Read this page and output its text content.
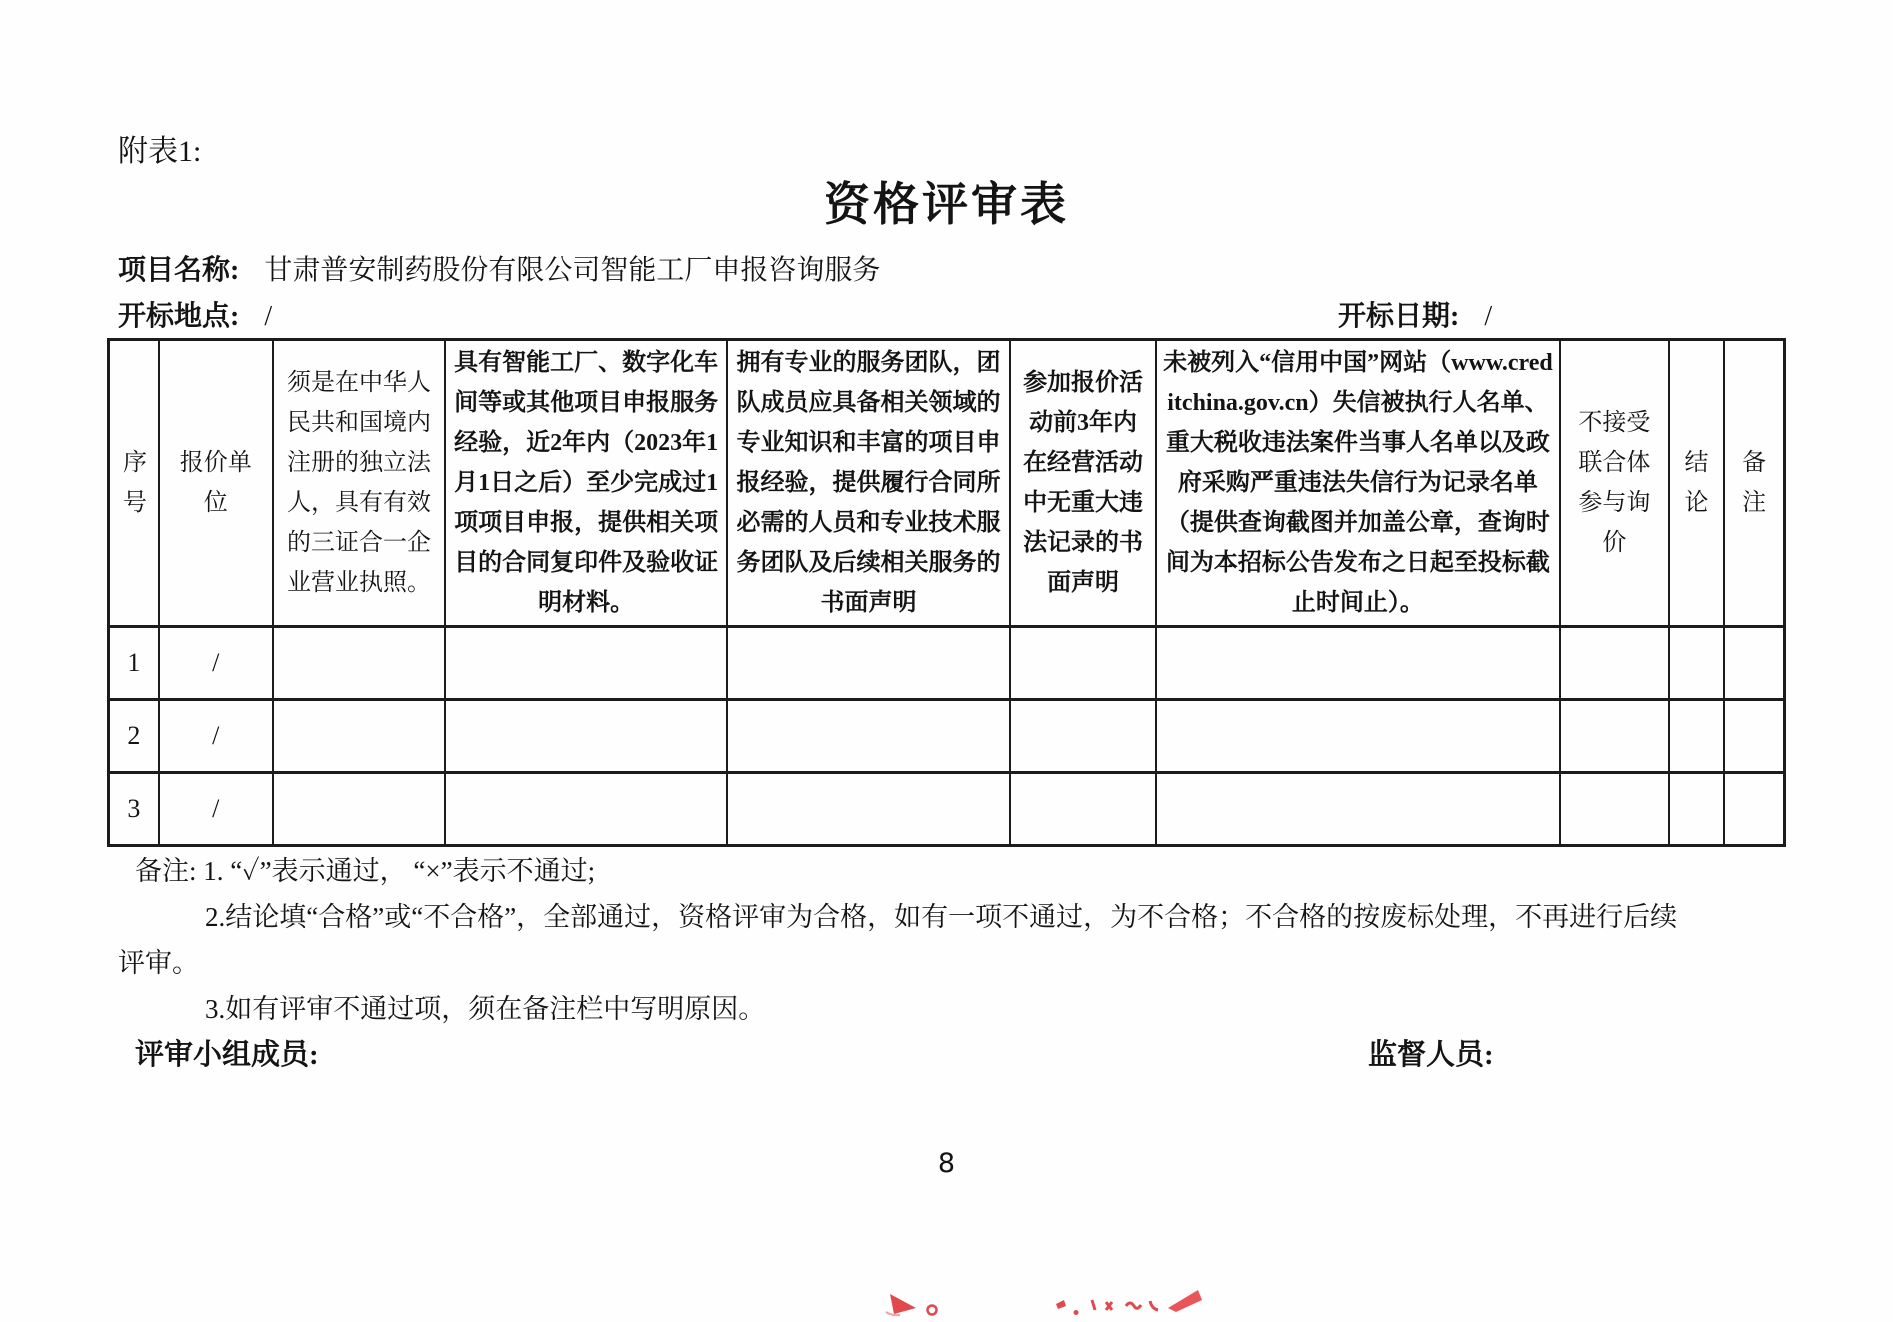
附表1:
资格评审表
项目名称: 甘肃普安制药股份有限公司智能工厂申报咨询服务
开标地点: /	开标日期: /
序号	报价单位	须是在中华人民共和国境内注册的独立法人，具有有效的三证合一企业营业执照。	具有智能工厂、数字化车间等或其他项目申报服务经验，近2年内（2023年1月1日之后）至少完成过1项项目申报，提供相关项目的合同复印件及验收证明材料。	拥有专业的服务团队，团队成员应具备相关领域的专业知识和丰富的项目申报经验，提供履行合同所必需的人员和专业技术服务团队及后续相关服务的书面声明	参加报价活动前3年内在经营活动中无重大违法记录的书面声明	未被列入“信用中国”网站（www.creditchina.gov.cn）失信被执行人名单、重大税收违法案件当事人名单以及政府采购严重违法失信行为记录名单（提供查询截图并加盖公章，查询时间为本招标公告发布之日起至投标截止时间止）。	不接受联合体参与询价	结论	备注
1	/								
2	/								
3	/								

备注: 1. “✓”表示通过， “×”表示不通过;

2.结论填“合格”或“不合格”，全部通过，资格评审为合格，如有一项不通过，为不合格；不合格的按废标处理，不再进行后续

评审。

3.如有评审不通过项，须在备注栏中写明原因。

评审小组成员:	监督人员:
8
